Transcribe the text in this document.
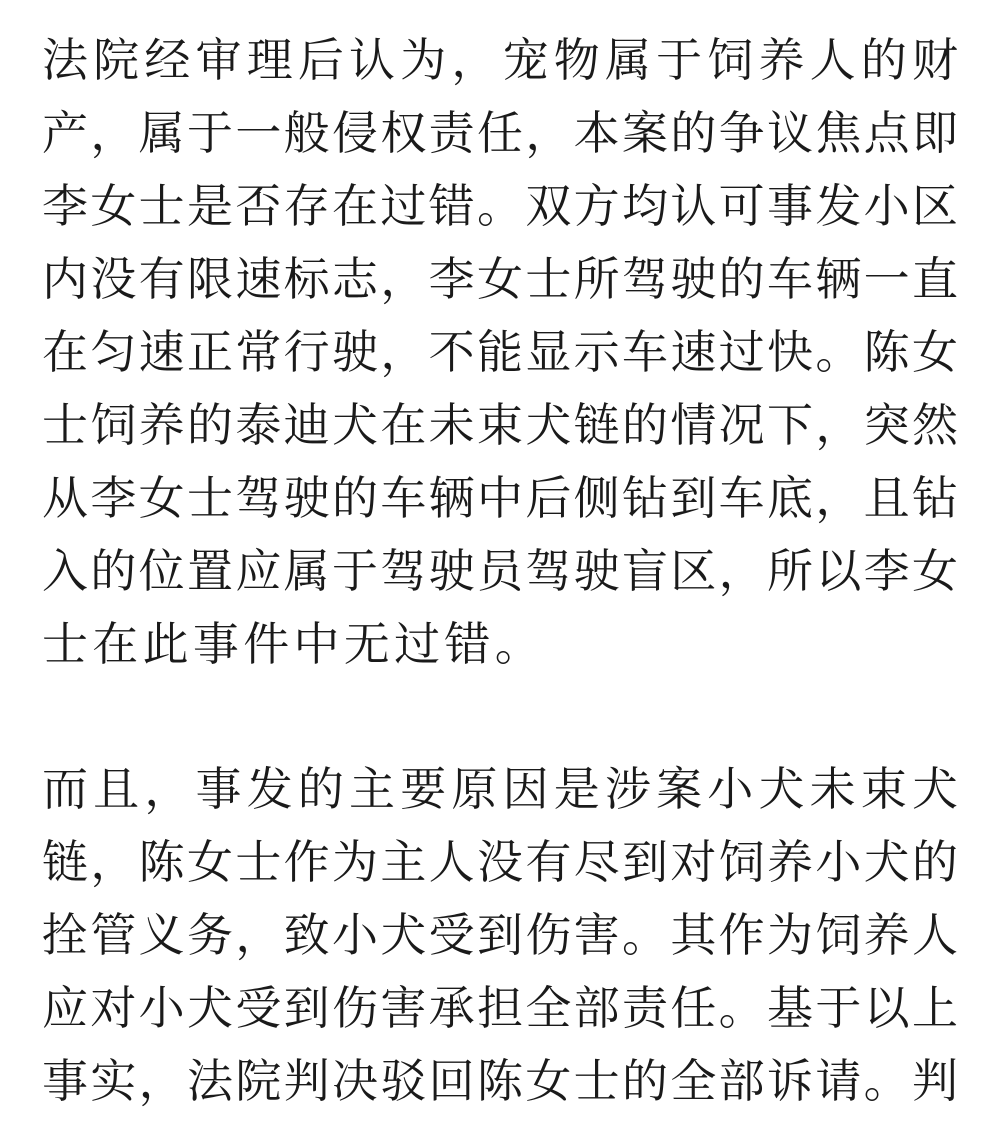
法院经审理后认为，宠物属于饲养人的财
产，属于一般侵权责任，本案的争议焦点即
李女士是否存在过错。双方均认可事发小区
内没有限速标志，李女士所驾驶的车辆一直
在匀速正常行驶，不能显示车速过快。陈女
士饲养的泰迪犬在未束犬链的情况下，突然
从李女士驾驶的车辆中后侧钻到车底，且钻
入的位置应属于驾驶员驾驶盲区，所以李女
士在此事件中无过错。
而且，事发的主要原因是涉案小犬未束犬
链，陈女士作为主人没有尽到对饲养小犬的
拴管义务，致小犬受到伤害。其作为饲养人
应对小犬受到伤害承担全部责任。基于以上
事实，法院判决驳回陈女士的全部诉请。判
